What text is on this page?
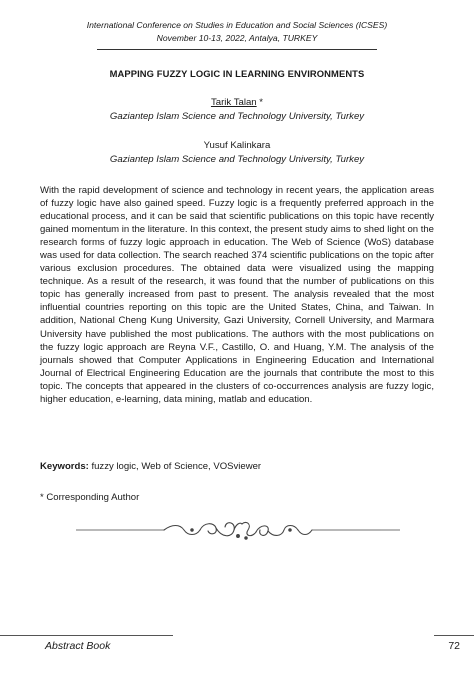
International Conference on Studies in Education and Social Sciences (ICSES)
November 10-13, 2022, Antalya, TURKEY
MAPPING FUZZY LOGIC IN LEARNING ENVIRONMENTS
Tarik Talan *
Gaziantep Islam Science and Technology University, Turkey
Yusuf Kalinkara
Gaziantep Islam Science and Technology University, Turkey

With the rapid development of science and technology in recent years, the application areas of fuzzy logic have also gained speed. Fuzzy logic is a frequently preferred approach in the educational process, and it can be said that scientific publications on this topic have recently gained momentum in the literature. In this context, the present study aims to shed light on the research forms of fuzzy logic approach in education. The Web of Science (WoS) database was used for data collection. The search reached 374 scientific publications on the topic after various exclusion procedures. The obtained data were visualized using the mapping technique. As a result of the research, it was found that the number of publications on this topic has generally increased from past to present. The analysis revealed that the most influential countries reporting on this topic are the United States, China, and Taiwan. In addition, National Cheng Kung University, Gazi University, Cornell University, and Marmara University have published the most publications. The authors with the most publications on the fuzzy logic approach are Reyna V.F., Castillo, O. and Huang, Y.M. The analysis of the journals showed that Computer Applications in Engineering Education and International Journal of Electrical Engineering Education are the journals that contribute the most to this topic. The concepts that appeared in the clusters of co-occurrences analysis are fuzzy logic, higher education, e-learning, data mining, matlab and education.

Keywords: fuzzy logic, Web of Science, VOSviewer
* Corresponding Author
Abstract Book	72
